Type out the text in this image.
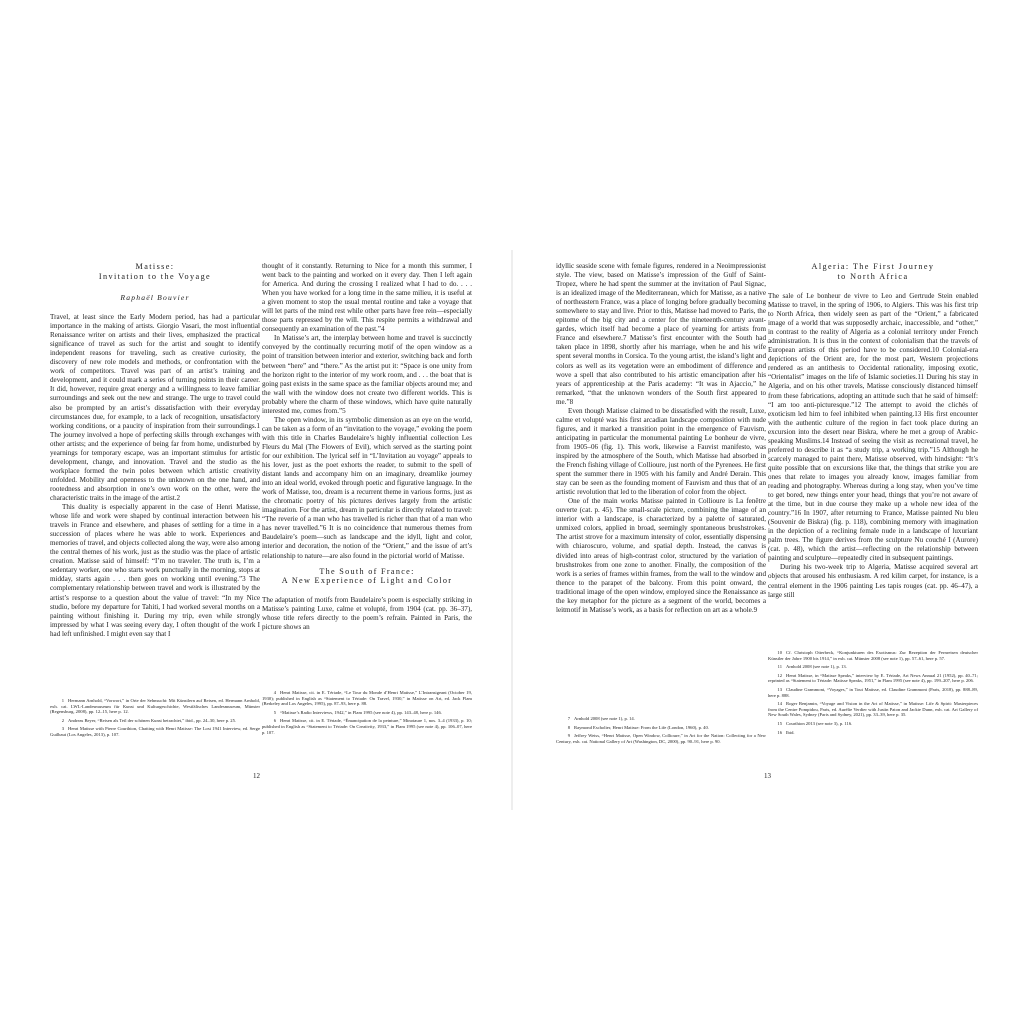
Matisse:
Invitation to the Voyage
Raphaël Bouvier

Travel, at least since the Early Modern period, has had a particular importance in the making of artists. Giorgio Vasari, the most influential Renaissance writer on artists and their lives, emphasized the practical significance of travel as such for the artist and sought to identify independent reasons for traveling, such as creative curiosity, the discovery of new role models and methods, or confrontation with the work of competitors. Travel was part of an artist’s training and development, and it could mark a series of turning points in their career. It did, however, require great energy and a willingness to leave familiar surroundings and seek out the new and strange. The urge to travel could also be prompted by an artist’s dissatisfaction with their everyday circumstances due, for example, to a lack of recognition, unsatisfactory working conditions, or a paucity of inspiration from their surroundings.1 The journey involved a hope of perfecting skills through exchanges with other artists; and the experience of being far from home, undisturbed by yearnings for temporary escape, was an important stimulus for artistic development, change, and innovation. Travel and the studio as the workplace formed the twin poles between which artistic creativity unfolded. Mobility and openness to the unknown on the one hand, and rootedness and absorption in one’s own work on the other, were the characteristic traits in the image of the artist.2

This duality is especially apparent in the case of Henri Matisse, whose life and work were shaped by continual interaction between his travels in France and elsewhere, and phases of settling for a time in a succession of places where he was able to work. Experiences and memories of travel, and objects collected along the way, were also among the central themes of his work, just as the studio was the place of artistic creation. Matisse said of himself: “I’m no traveler. The truth is, I’m a sedentary worker, one who starts work punctually in the morning, stops at midday, starts again . . . then goes on working until evening.”3 The complementary relationship between travel and work is illustrated by the artist’s response to a question about the value of travel: “In my Nice studio, before my departure for Tahiti, I had worked several months on a painting without finishing it. During my trip, even while strongly impressed by what I was seeing every day, I often thought of the work I had left unfinished. I might even say that I

thought of it constantly. Returning to Nice for a month this summer, I went back to the painting and worked on it every day. Then I left again for America. And during the crossing I realized what I had to do. . . . When you have worked for a long time in the same milieu, it is useful at a given moment to stop the usual mental routine and take a voyage that will let parts of the mind rest while other parts have free rein—especially those parts repressed by the will. This respite permits a withdrawal and consequently an examination of the past.”4

In Matisse’s art, the interplay between home and travel is succinctly conveyed by the continually recurring motif of the open window as a point of transition between interior and exterior, switching back and forth between “here” and “there.” As the artist put it: “Space is one unity from the horizon right to the interior of my work room, and . . . the boat that is going past exists in the same space as the familiar objects around me; and the wall with the window does not create two different worlds. This is probably where the charm of these windows, which have quite naturally interested me, comes from.”5

The open window, in its symbolic dimension as an eye on the world, can be taken as a form of an “invitation to the voyage,” evoking the poem with this title in Charles Baudelaire’s highly influential collection Les Fleurs du Mal (The Flowers of Evil), which served as the starting point for our exhibition. The lyrical self in “L’Invitation au voyage” appeals to his lover, just as the poet exhorts the reader, to submit to the spell of distant lands and accompany him on an imaginary, dreamlike journey into an ideal world, evoked through poetic and figurative language. In the work of Matisse, too, dream is a recurrent theme in various forms, just as the chromatic poetry of his pictures derives largely from the artistic imagination. For the artist, dream in particular is directly related to travel: “The reverie of a man who has travelled is richer than that of a man who has never travelled.”6 It is no coincidence that numerous themes from Baudelaire’s poem—such as landscape and the idyll, light and color, interior and decoration, the notion of the “Orient,” and the issue of art’s relationship to nature—are also found in the pictorial world of Matisse.

The South of France:
A New Experience of Light and Color

The adaptation of motifs from Baudelaire’s poem is especially striking in Matisse’s painting Luxe, calme et volupté, from 1904 (cat. pp. 36–37), whose title refers directly to the poem’s refrain. Painted in Paris, the picture shows an

1 Hermann Arnhold, “Vorwort,” in Orte der Sehnsucht: Mit Künstlern auf Reisen, ed. Hermann Arnhold, exh. cat. LWL-Landesmuseum für Kunst und Kulturgeschichte, Westfälisches Landesmuseum, Münster (Regensburg, 2008), pp. 12–15, here p. 12.
2 Andreas Beyer, “Reisen als Teil der schönen Kunst betrachtet,” ibid., pp. 24–30, here p. 25.
3 Henri Matisse with Pierre Courthion, Chatting with Henri Matisse: The Lost 1941 Interview, ed. Serge Guilbaut (Los Angeles, 2013), p. 107.
4 Henri Matisse, cit. in E. Tériade, “Le Tour du Monde d’Henri Matisse,” L’Intransigeant (October 19, 1930); published in English as “Statement to Tériade: On Travel, 1930,” in Matisse on Art, ed. Jack Flam (Berkeley and Los Angeles, 1995), pp. 87–93, here p. 88.
5 “Matisse’s Radio Interviews, 1942,” in Flam 1995 (see note 4), pp. 143–48, here p. 146.
6 Henri Matisse, cit. in E. Tériade, “Émancipation de la peinture,” Minotaure 1, nos. 3–4 (1933), p. 10; published in English as “Statement to Tériade: On Creativity, 1933,” in Flam 1995 (see note 4), pp. 106–07, here p. 107.
12

idyllic seaside scene with female figures, rendered in a Neoimpressionist style. The view, based on Matisse’s impression of the Gulf of Saint-Tropez, where he had spent the summer at the invitation of Paul Signac, is an idealized image of the Mediterranean, which for Matisse, as a native of northeastern France, was a place of longing before gradually becoming somewhere to stay and live. Prior to this, Matisse had moved to Paris, the epitome of the big city and a center for the nineteenth-century avant-gardes, which itself had become a place of yearning for artists from France and elsewhere.7 Matisse’s first encounter with the South had taken place in 1898, shortly after his marriage, when he and his wife spent several months in Corsica. To the young artist, the island’s light and colors as well as its vegetation were an embodiment of difference and wove a spell that also contributed to his artistic emancipation after his years of apprenticeship at the Paris academy: “It was in Ajaccio,” he remarked, “that the unknown wonders of the South first appeared to me.”8

Even though Matisse claimed to be dissatisfied with the result, Luxe, calme et volupté was his first arcadian landscape composition with nude figures, and it marked a transition point in the emergence of Fauvism, anticipating in particular the monumental painting Le bonheur de vivre, from 1905–06 (fig. 1). This work, likewise a Fauvist manifesto, was inspired by the atmosphere of the South, which Matisse had absorbed in the French fishing village of Collioure, just north of the Pyrenees. He first spent the summer there in 1905 with his family and André Derain. This stay can be seen as the founding moment of Fauvism and thus that of an artistic revolution that led to the liberation of color from the object.

One of the main works Matisse painted in Collioure is La fenêtre ouverte (cat. p. 45). The small-scale picture, combining the image of an interior with a landscape, is characterized by a palette of saturated, unmixed colors, applied in broad, seemingly spontaneous brushstrokes. The artist strove for a maximum intensity of color, essentially dispensing with chiaroscuro, volume, and spatial depth. Instead, the canvas is divided into areas of high-contrast color, structured by the variation of brushstrokes from one zone to another. Finally, the composition of the work is a series of frames within frames, from the wall to the window and thence to the parapet of the balcony. From this point onward, the traditional image of the open window, employed since the Renaissance as the key metaphor for the picture as a segment of the world, becomes a leitmotif in Matisse’s work, as a basis for reflection on art as a whole.9

Algeria: The First Journey
to North Africa

The sale of Le bonheur de vivre to Leo and Gertrude Stein enabled Matisse to travel, in the spring of 1906, to Algiers. This was his first trip to North Africa, then widely seen as part of the “Orient,” a fabricated image of a world that was supposedly archaic, inaccessible, and “other,” in contrast to the reality of Algeria as a colonial territory under French administration. It is thus in the context of colonialism that the travels of European artists of this period have to be considered.10 Colonial-era depictions of the Orient are, for the most part, Western projections rendered as an antithesis to Occidental rationality, imposing exotic, “Orientalist” images on the life of Islamic societies.11 During his stay in Algeria, and on his other travels, Matisse consciously distanced himself from these fabrications, adopting an attitude such that he said of himself: “I am too anti-picturesque.”12 The attempt to avoid the clichés of exoticism led him to feel inhibited when painting.13 His first encounter with the authentic culture of the region in fact took place during an excursion into the desert near Biskra, where he met a group of Arabic-speaking Muslims.14 Instead of seeing the visit as recreational travel, he preferred to describe it as “a study trip, a working trip.”15 Although he scarcely managed to paint there, Matisse observed, with hindsight: “It’s quite possible that on excursions like that, the things that strike you are ones that relate to images you already know, images familiar from reading and photography. Whereas during a long stay, when you’ve time to get bored, new things enter your head, things that you’re not aware of at the time, but in due course they make up a whole new idea of the country.”16 In 1907, after returning to France, Matisse painted Nu bleu (Souvenir de Biskra) (fig. p. 118), combining memory with imagination in the depiction of a reclining female nude in a landscape of luxuriant palm trees. The figure derives from the sculpture Nu couché I (Aurore) (cat. p. 48), which the artist—reflecting on the relationship between painting and sculpture—repeatedly cited in subsequent paintings.

During his two-week trip to Algeria, Matisse acquired several art objects that aroused his enthusiasm. A red kilim carpet, for instance, is a central element in the 1906 painting Les tapis rouges (cat. pp. 46–47), a large still

7 Arnhold 2008 (see note 1), p. 14.
8 Raymond Escholier, Henri Matisse: From the Life (London, 1960), p. 40.
9 Jeffrey Weiss, “Henri Matisse, Open Window, Collioure,” in Art for the Nation: Collecting for a New Century, exh. cat. National Gallery of Art (Washington, DC, 2000), pp. 90–91, here p. 90.
10 Cf. Christoph Otterbeck, “Konjunkturen des Exotismus: Zur Rezeption der Fernreisen deutscher Künstler der Jahre 1900 bis 1914,” in exh. cat. Münster 2008 (see note 1), pp. 57–61, here p. 57.
11 Arnhold 2008 (see note 1), p. 13.
12 Henri Matisse, in “Matisse Speaks,” interview by E. Tériade, Art News Annual 21 (1952), pp. 40–71; reprinted as “Statement to Tériade: Matisse Speaks, 1951,” in Flam 1995 (see note 4), pp. 199–207, here p. 206.
13 Claudine Grammont, “Voyages,” in Tout Matisse, ed. Claudine Grammont (Paris, 2018), pp. 888–89, here p. 888.
14 Roger Benjamin, “Voyage and Vision in the Art of Matisse,” in Matisse: Life & Spirit: Masterpieces from the Centre Pompidou, Paris, ed. Aurélie Verdier with Justin Paton and Jackie Dunn, exh. cat. Art Gallery of New South Wales, Sydney (Paris and Sydney, 2021), pp. 33–39, here p. 35.
15 Courthion 2013 (see note 3), p. 116.
16 Ibid.
13
